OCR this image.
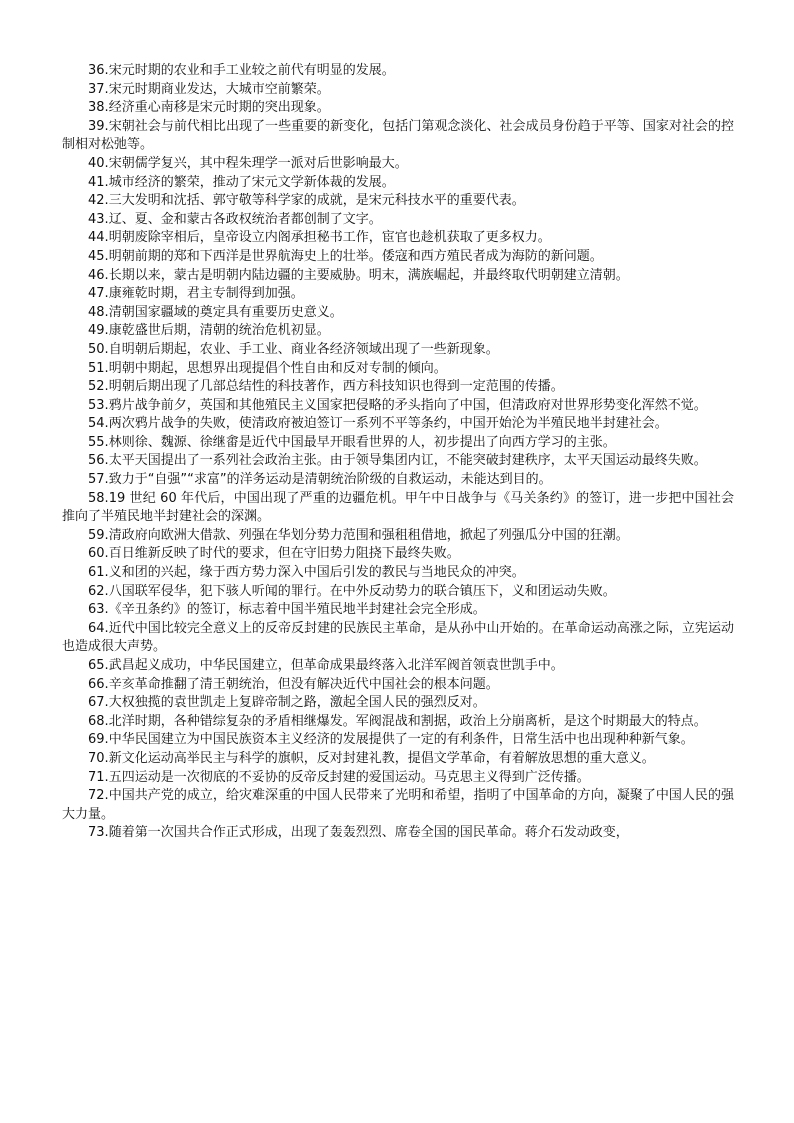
36.宋元时期的农业和手工业较之前代有明显的发展。

37.宋元时期商业发达，大城市空前繁荣。

38.经济重心南移是宋元时期的突出现象。

39.宋朝社会与前代相比出现了一些重要的新变化，包括门第观念淡化、社会成员身份趋于平等、国家对社会的控制相对松弛等。

40.宋朝儒学复兴，其中程朱理学一派对后世影响最大。

41.城市经济的繁荣，推动了宋元文学新体裁的发展。

42.三大发明和沈括、郭守敬等科学家的成就，是宋元科技水平的重要代表。

43.辽、夏、金和蒙古各政权统治者都创制了文字。

44.明朝废除宰相后，皇帝设立内阁承担秘书工作，宦官也趁机获取了更多权力。

45.明朝前期的郑和下西洋是世界航海史上的壮举。倭寇和西方殖民者成为海防的新问题。

46.长期以来，蒙古是明朝内陆边疆的主要威胁。明末，满族崛起，并最终取代明朝建立清朝。

47.康雍乾时期，君主专制得到加强。

48.清朝国家疆域的奠定具有重要历史意义。

49.康乾盛世后期，清朝的统治危机初显。

50.自明朝后期起，农业、手工业、商业各经济领域出现了一些新现象。

51.明朝中期起，思想界出现提倡个性自由和反对专制的倾向。

52.明朝后期出现了几部总结性的科技著作，西方科技知识也得到一定范围的传播。

53.鸦片战争前夕，英国和其他殖民主义国家把侵略的矛头指向了中国，但清政府对世界形势变化浑然不觉。

54.两次鸦片战争的失败，使清政府被迫签订一系列不平等条约，中国开始沦为半殖民地半封建社会。

55.林则徐、魏源、徐继畬是近代中国最早开眼看世界的人，初步提出了向西方学习的主张。

56.太平天国提出了一系列社会政治主张。由于领导集团内讧，不能突破封建秩序，太平天国运动最终失败。

57.致力于“自强”“求富”的洋务运动是清朝统治阶级的自救运动，未能达到目的。

58.19 世纪 60 年代后，中国出现了严重的边疆危机。甲午中日战争与《马关条约》的签订，进一步把中国社会推向了半殖民地半封建社会的深渊。

59.清政府向欧洲大借款、列强在华划分势力范围和强租租借地，掀起了列强瓜分中国的狂潮。

60.百日维新反映了时代的要求，但在守旧势力阻挠下最终失败。

61.义和团的兴起，缘于西方势力深入中国后引发的教民与当地民众的冲突。

62.八国联军侵华，犯下骇人听闻的罪行。在中外反动势力的联合镇压下，义和团运动失败。

63.《辛丑条约》的签订，标志着中国半殖民地半封建社会完全形成。

64.近代中国比较完全意义上的反帝反封建的民族民主革命，是从孙中山开始的。在革命运动高涨之际，立宪运动也造成很大声势。

65.武昌起义成功，中华民国建立，但革命成果最终落入北洋军阀首领袁世凯手中。

66.辛亥革命推翻了清王朝统治，但没有解决近代中国社会的根本问题。

67.大权独揽的袁世凯走上复辟帝制之路，激起全国人民的强烈反对。

68.北洋时期，各种错综复杂的矛盾相继爆发。军阀混战和割据，政治上分崩离析，是这个时期最大的特点。

69.中华民国建立为中国民族资本主义经济的发展提供了一定的有利条件，日常生活中也出现种种新气象。

70.新文化运动高举民主与科学的旗帜，反对封建礼教，提倡文学革命，有着解放思想的重大意义。

71.五四运动是一次彻底的不妥协的反帝反封建的爱国运动。马克思主义得到广泛传播。

72.中国共产党的成立，给灾难深重的中国人民带来了光明和希望，指明了中国革命的方向，凝聚了中国人民的强大力量。

73.随着第一次国共合作正式形成，出现了轰轰烈烈、席卷全国的国民革命。蒋介石发动政变，
